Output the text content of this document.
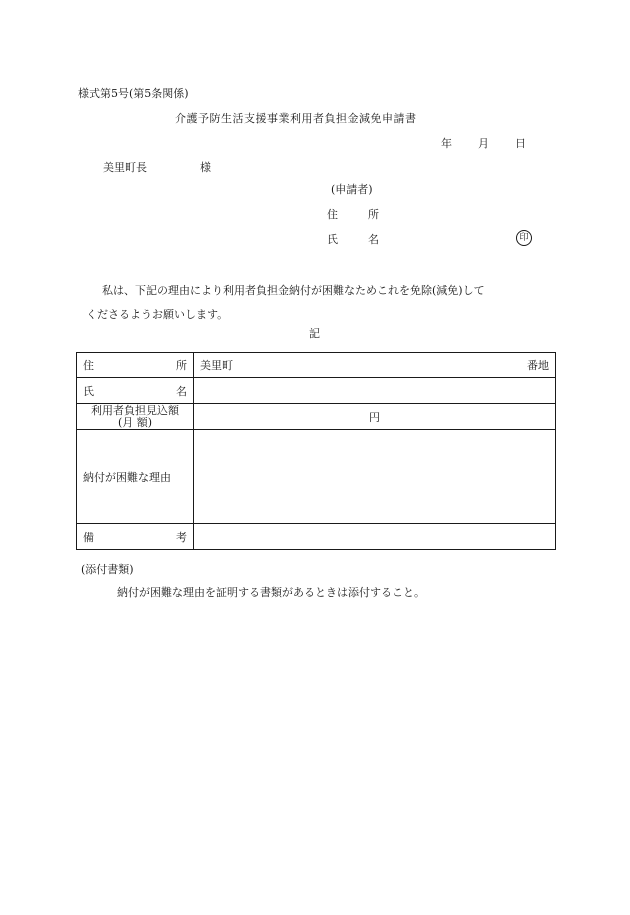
様式第5号(第5条関係)
介護予防生活支援事業利用者負担金減免申請書
年 月 日
美里町長	様
(申請者)
住	所
氏	名	印

私は、下記の理由により利用者負担金納付が困難なためこれを免除(減免)して

くださるようお願いします。

記
住 所	美里町 番地

氏 名	

利用者負担見込額
(月 額)	円
納付が困難な理由	

備 考	

(添付書類)
納付が困難な理由を証明する書類があるときは添付すること。
